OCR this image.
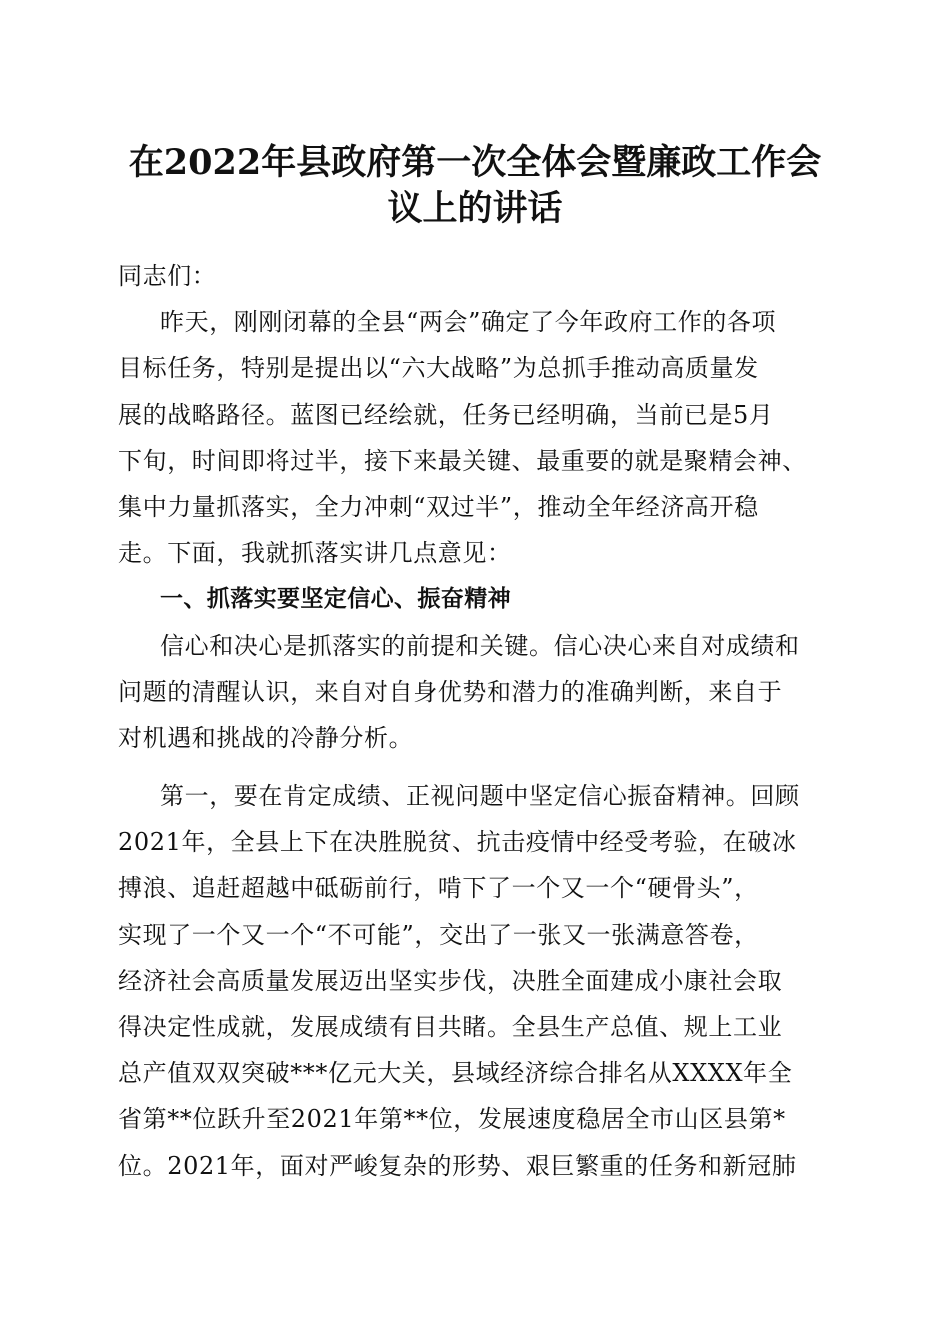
在2022年县政府第一次全体会暨廉政工作会
议上的讲话
同志们：
昨天，刚刚闭幕的全县“两会”确定了今年政府工作的各项
目标任务，特别是提出以“六大战略”为总抓手推动高质量发
展的战略路径。蓝图已经绘就，任务已经明确，当前已是5月
下旬，时间即将过半，接下来最关键、最重要的就是聚精会神、
集中力量抓落实，全力冲刺“双过半”，推动全年经济高开稳
走。下面，我就抓落实讲几点意见：
一、抓落实要坚定信心、振奋精神
信心和决心是抓落实的前提和关键。信心决心来自对成绩和
问题的清醒认识，来自对自身优势和潜力的准确判断，来自于
对机遇和挑战的冷静分析。
第一，要在肯定成绩、正视问题中坚定信心振奋精神。回顾
2021年，全县上下在决胜脱贫、抗击疫情中经受考验，在破冰
搏浪、追赶超越中砥砺前行，啃下了一个又一个“硬骨头”，
实现了一个又一个“不可能”，交出了一张又一张满意答卷，
经济社会高质量发展迈出坚实步伐，决胜全面建成小康社会取
得决定性成就，发展成绩有目共睹。全县生产总值、规上工业
总产值双双突破***亿元大关，县域经济综合排名从XXXX年全
省第**位跃升至2021年第**位，发展速度稳居全市山区县第*
位。2021年，面对严峻复杂的形势、艰巨繁重的任务和新冠肺
